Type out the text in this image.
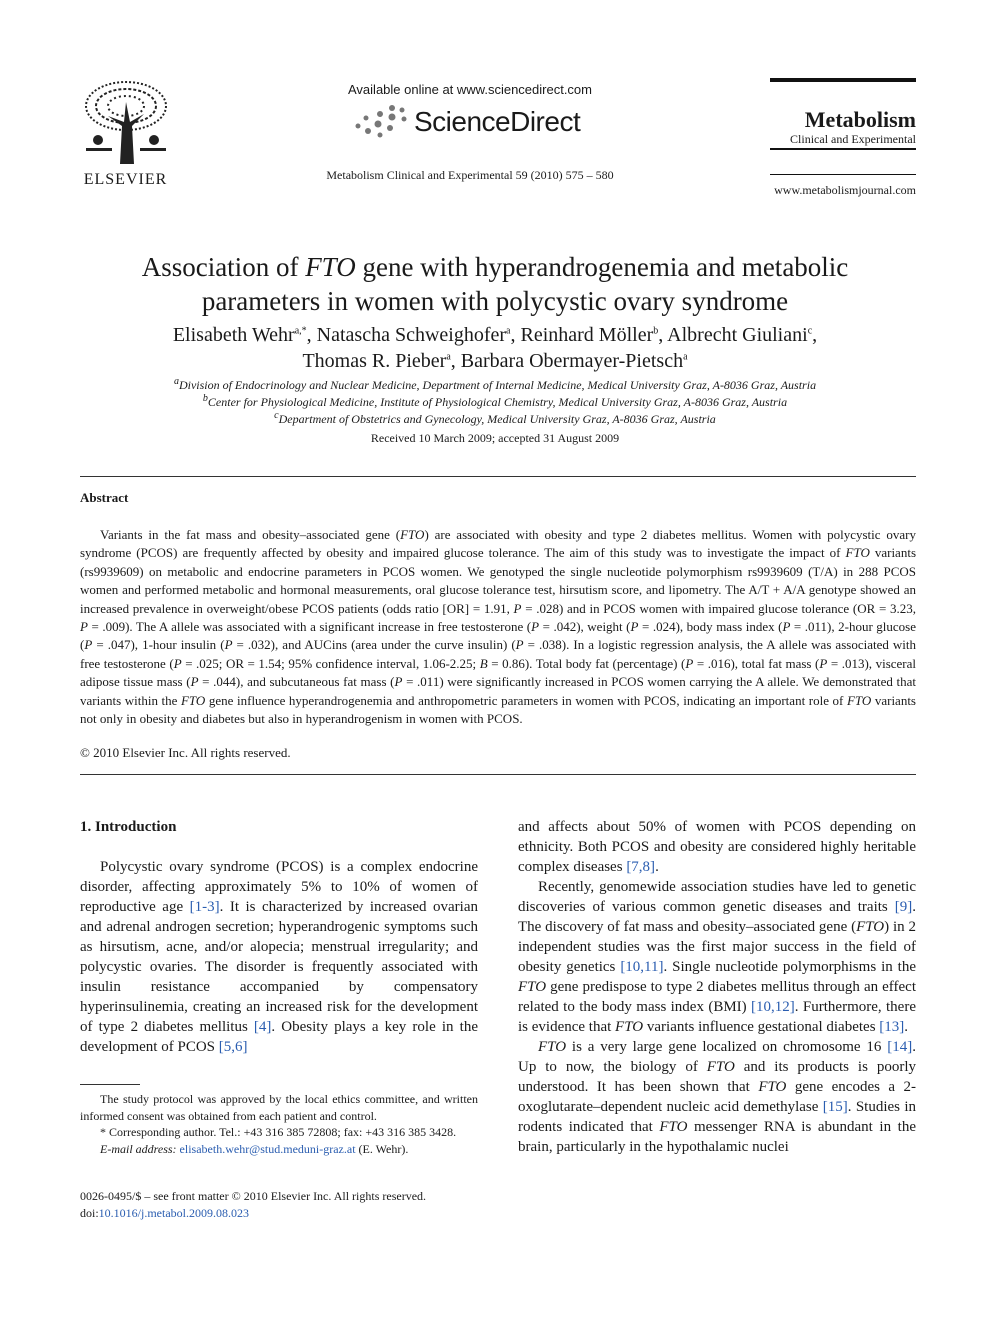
ELSEVIER
Available online at www.sciencedirect.com
ScienceDirect
Metabolism Clinical and Experimental 59 (2010) 575 – 580
Metabolism
Clinical and Experimental
www.metabolismjournal.com
Association of FTO gene with hyperandrogenemia and metabolic
parameters in women with polycystic ovary syndrome
Elisabeth Wehr$^{a,*}$, Natascha Schweighofer$^a$, Reinhard Möller$^b$, Albrecht Giuliani$^c$,
Thomas R. Pieber$^a$, Barbara Obermayer-Pietsch$^a$
$^a$Division of Endocrinology and Nuclear Medicine, Department of Internal Medicine, Medical University Graz, A-8036 Graz, Austria
$^b$Center for Physiological Medicine, Institute of Physiological Chemistry, Medical University Graz, A-8036 Graz, Austria
$^c$Department of Obstetrics and Gynecology, Medical University Graz, A-8036 Graz, Austria
Received 10 March 2009; accepted 31 August 2009
Abstract
Variants in the fat mass and obesity–associated gene (FTO) are associated with obesity and type 2 diabetes mellitus. Women with polycystic ovary syndrome (PCOS) are frequently affected by obesity and impaired glucose tolerance. The aim of this study was to investigate the impact of FTO variants (rs9939609) on metabolic and endocrine parameters in PCOS women. We genotyped the single nucleotide polymorphism rs9939609 (T/A) in 288 PCOS women and performed metabolic and hormonal measurements, oral glucose tolerance test, hirsutism score, and lipometry. The A/T + A/A genotype showed an increased prevalence in overweight/obese PCOS patients (odds ratio [OR] = 1.91, P = .028) and in PCOS women with impaired glucose tolerance (OR = 3.23, P = .009). The A allele was associated with a significant increase in free testosterone (P = .042), weight (P = .024), body mass index (P = .011), 2-hour glucose (P = .047), 1-hour insulin (P = .032), and AUCins (area under the curve insulin) (P = .038). In a logistic regression analysis, the A allele was associated with free testosterone (P = .025; OR = 1.54; 95% confidence interval, 1.06-2.25; B = 0.86). Total body fat (percentage) (P = .016), total fat mass (P = .013), visceral adipose tissue mass (P = .044), and subcutaneous fat mass (P = .011) were significantly increased in PCOS women carrying the A allele. We demonstrated that variants within the FTO gene influence hyperandrogenemia and anthropometric parameters in women with PCOS, indicating an important role of FTO variants not only in obesity and diabetes but also in hyperandrogenism in women with PCOS.
© 2010 Elsevier Inc. All rights reserved.
1. Introduction

Polycystic ovary syndrome (PCOS) is a complex endocrine disorder, affecting approximately 5% to 10% of women of reproductive age [1-3]. It is characterized by increased ovarian and adrenal androgen secretion; hyperandrogenic symptoms such as hirsutism, acne, and/or alopecia; menstrual irregularity; and polycystic ovaries. The disorder is frequently associated with insulin resistance accompanied by compensatory hyperinsulinemia, creating an increased risk for the development of type 2 diabetes mellitus [4]. Obesity plays a key role in the development of PCOS [5,6]

and affects about 50% of women with PCOS depending on ethnicity. Both PCOS and obesity are considered highly heritable complex diseases [7,8].

Recently, genomewide association studies have led to genetic discoveries of various common genetic diseases and traits [9]. The discovery of fat mass and obesity–associated gene (FTO) in 2 independent studies was the first major success in the field of obesity genetics [10,11]. Single nucleotide polymorphisms in the FTO gene predispose to type 2 diabetes mellitus through an effect related to the body mass index (BMI) [10,12]. Furthermore, there is evidence that FTO variants influence gestational diabetes [13].

FTO is a very large gene localized on chromosome 16 [14]. Up to now, the biology of FTO and its products is poorly understood. It has been shown that FTO gene encodes a 2-oxoglutarate–dependent nucleic acid demethylase [15]. Studies in rodents indicated that FTO messenger RNA is abundant in the brain, particularly in the hypothalamic nuclei

The study protocol was approved by the local ethics committee, and written informed consent was obtained from each patient and control.

* Corresponding author. Tel.: +43 316 385 72808; fax: +43 316 385 3428.

E-mail address: elisabeth.wehr@stud.meduni-graz.at (E. Wehr).

0026-0495/$ – see front matter © 2010 Elsevier Inc. All rights reserved.
doi:10.1016/j.metabol.2009.08.023
